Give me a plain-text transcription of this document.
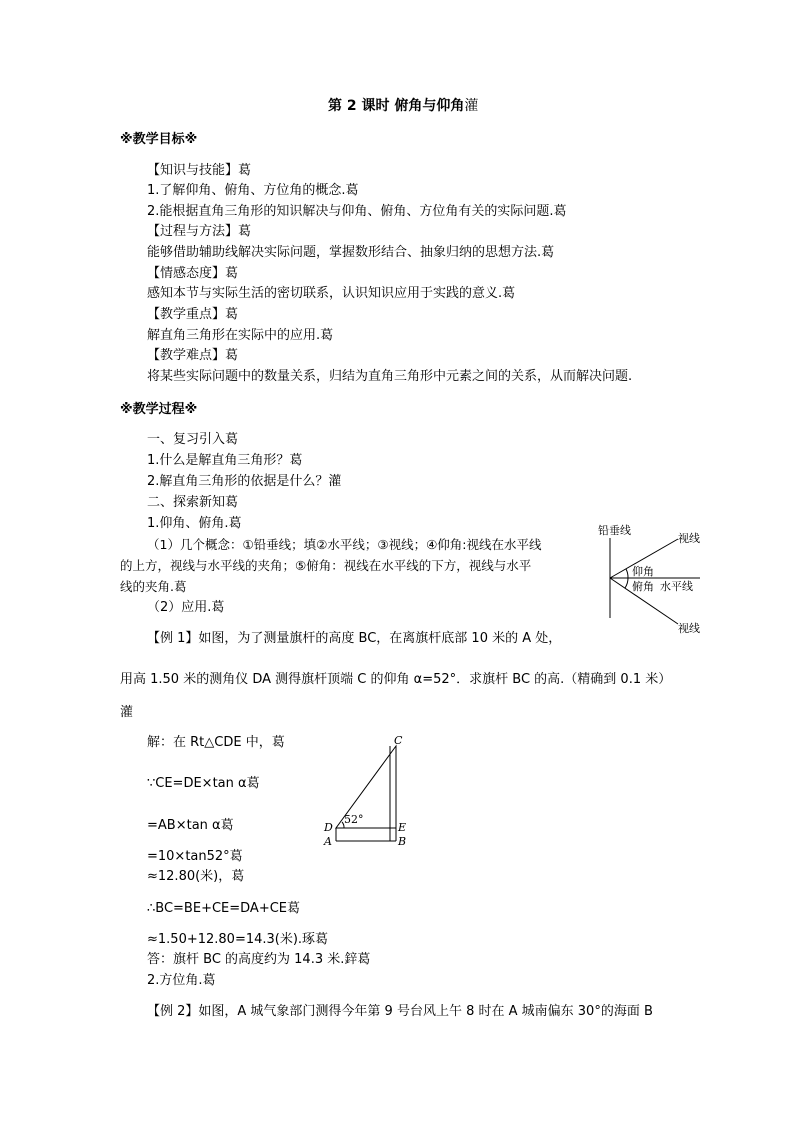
第 2 课时 俯角与仰角灌
※教学目标※
【知识与技能】葛
1.了解仰角、俯角、方位角的概念.葛
2.能根据直角三角形的知识解决与仰角、俯角、方位角有关的实际问题.葛
【过程与方法】葛
能够借助辅助线解决实际问题，掌握数形结合、抽象归纳的思想方法.葛
【情感态度】葛
感知本节与实际生活的密切联系，认识知识应用于实践的意义.葛
【教学重点】葛
解直角三角形在实际中的应用.葛
【教学难点】葛
将某些实际问题中的数量关系，归结为直角三角形中元素之间的关系，从而解决问题.
※教学过程※
一、复习引入葛
1.什么是解直角三角形？葛
2.解直角三角形的依据是什么？灌
二、探索新知葛
1.仰角、俯角.葛
（1）几个概念：①铅垂线；填②水平线；③视线；④仰角:视线在水平线
的上方，视线与水平线的夹角；⑤俯角：视线在水平线的下方，视线与水平
线的夹角.葛
（2）应用.葛
铅垂线
视线
仰角
水平线
俯角
视线
【例 1】如图，为了测量旗杆的高度 BC，在离旗杆底部 10 米的 A 处，
用高 1.50 米的测角仪 DA 测得旗杆顶端 C 的仰角 α=52°．求旗杆 BC 的高.（精确到 0.1 米）
灌
解：在 Rt△CDE 中，葛
∵CE=DE×tan α葛
=AB×tan α葛
=10×tan52°葛
≈12.80(米)，葛
∴BC=BE+CE=DA+CE葛
≈1.50+12.80=14.3(米).琢葛
答：旗杆 BC 的高度约为 14.3 米.鋅葛
2.方位角.葛
C
D	E
A	B
52°
【例 2】如图，A 城气象部门测得今年第 9 号台风上午 8 时在 A 城南偏东 30°的海面 B
